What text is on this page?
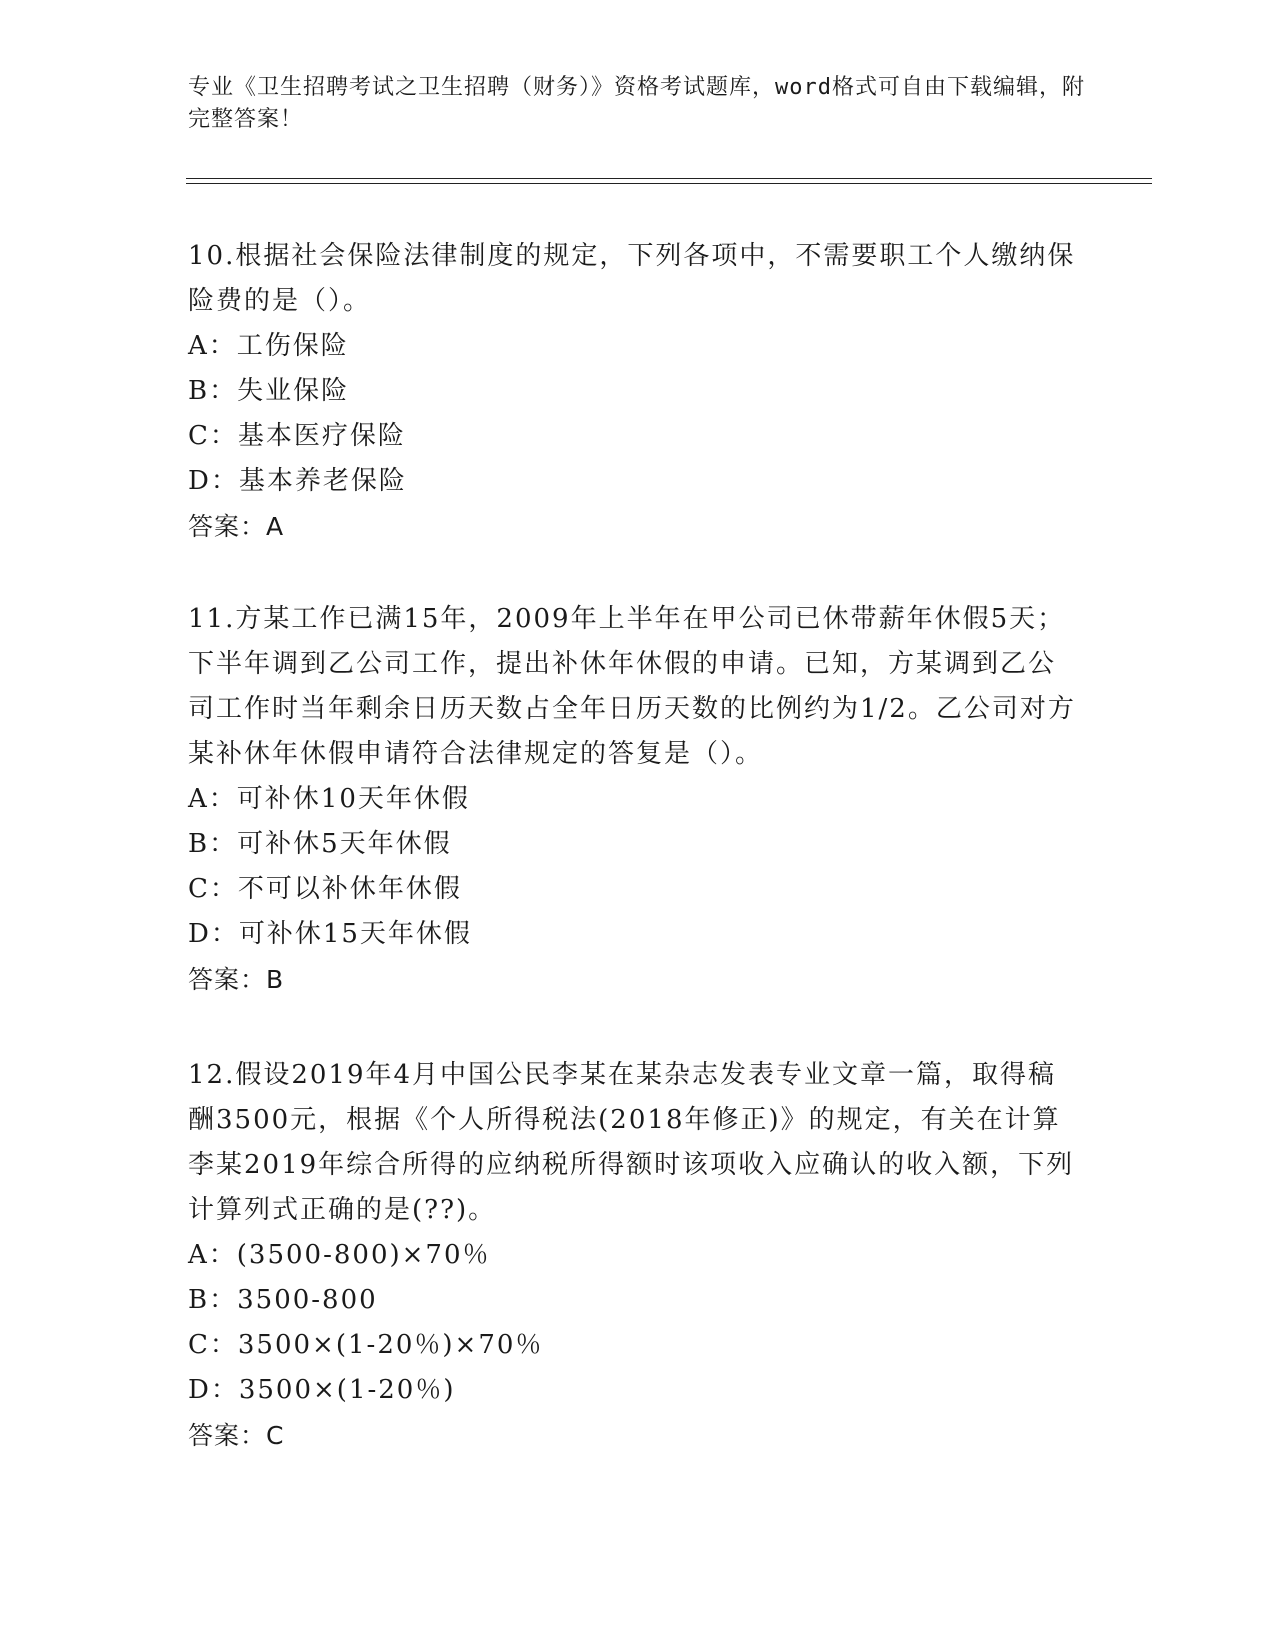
专业《卫生招聘考试之卫生招聘（财务）》资格考试题库，word格式可自由下载编辑，附完整答案！

10.根据社会保险法律制度的规定，下列各项中，不需要职工个人缴纳保险费的是（）。

A：工伤保险

B：失业保险

C：基本医疗保险

D：基本养老保险

答案：A

11.方某工作已满15年，2009年上半年在甲公司已休带薪年休假5天；下半年调到乙公司工作，提出补休年休假的申请。已知，方某调到乙公司工作时当年剩余日历天数占全年日历天数的比例约为1/2。乙公司对方某补休年休假申请符合法律规定的答复是（）。

A：可补休10天年休假

B：可补休5天年休假

C：不可以补休年休假

D：可补休15天年休假

答案：B

12.假设2019年4月中国公民李某在某杂志发表专业文章一篇，取得稿酬3500元，根据《个人所得税法(2018年修正)》的规定，有关在计算李某2019年综合所得的应纳税所得额时该项收入应确认的收入额，下列计算列式正确的是(??)。

A：(3500-800)×70％

B：3500-800

C：3500×(1-20％)×70％

D：3500×(1-20％)

答案：C
